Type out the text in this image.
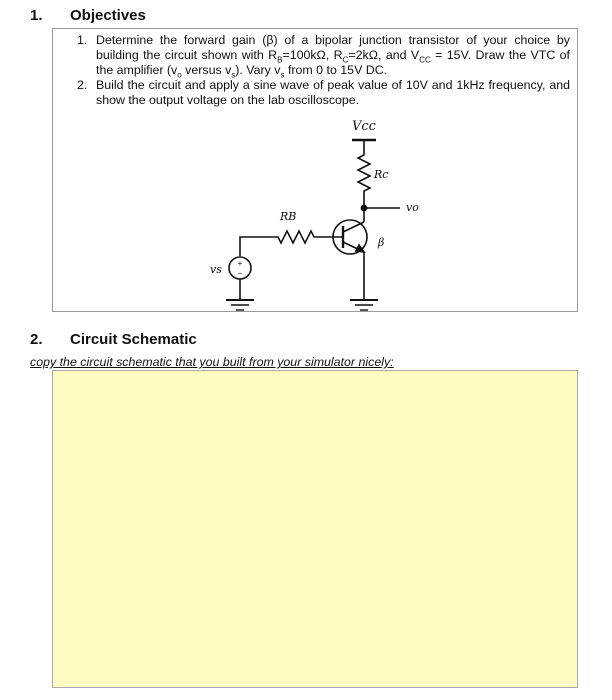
1. Objectives
1. Determine the forward gain (β) of a bipolar junction transistor of your choice by building the circuit shown with $R_B=100k\Omega$, $R_C=2k\Omega$, and $V_{CC} = 15V$. Draw the VTC of the amplifier ($v_o$ versus $v_s$). Vary $v_s$ from 0 to 15V DC.
2. Build the circuit and apply a sine wave of peak value of 10V and 1kHz frequency, and show the output voltage on the lab oscilloscope.
Vcc
Rc
vo
β
RB
+
−
vs
2. Circuit Schematic
copy the circuit schematic that you built from your simulator nicely:
